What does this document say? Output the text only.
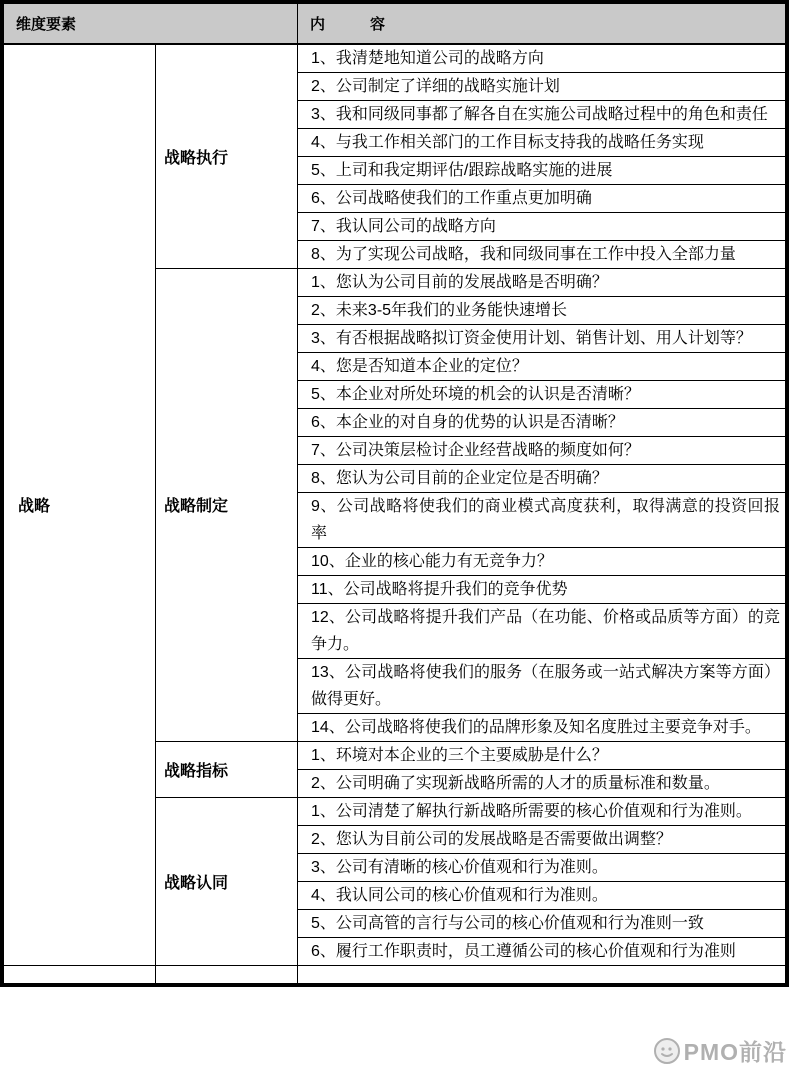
维度要素		内　　　容
战略	战略执行	1、我清楚地知道公司的战略方向
		2、公司制定了详细的战略实施计划
		3、我和同级同事都了解各自在实施公司战略过程中的角色和责任
		4、与我工作相关部门的工作目标支持我的战略任务实现
		5、上司和我定期评估/跟踪战略实施的进展
		6、公司战略使我们的工作重点更加明确
		7、我认同公司的战略方向
		8、为了实现公司战略，我和同级同事在工作中投入全部力量
	战略制定	1、您认为公司目前的发展战略是否明确？
		2、未来3-5年我们的业务能快速增长
		3、有否根据战略拟订资金使用计划、销售计划、用人计划等？
		4、您是否知道本企业的定位？
		5、本企业对所处环境的机会的认识是否清晰？
		6、本企业的对自身的优势的认识是否清晰？
		7、公司决策层检讨企业经营战略的频度如何？
		8、您认为公司目前的企业定位是否明确？
		9、公司战略将使我们的商业模式高度获利，取得满意的投资回报率
		10、企业的核心能力有无竞争力？
		11、公司战略将提升我们的竞争优势
		12、公司战略将提升我们产品（在功能、价格或品质等方面）的竞争力。
		13、公司战略将使我们的服务（在服务或一站式解决方案等方面）做得更好。
		14、公司战略将使我们的品牌形象及知名度胜过主要竞争对手。
	战略指标	1、环境对本企业的三个主要威胁是什么？
		2、公司明确了实现新战略所需的人才的质量标准和数量。
	战略认同	1、公司清楚了解执行新战略所需要的核心价值观和行为准则。
		2、您认为目前公司的发展战略是否需要做出调整？
		3、公司有清晰的核心价值观和行为准则。
		4、我认同公司的核心价值观和行为准则。
		5、公司高管的言行与公司的核心价值观和行为准则一致
		6、履行工作职责时，员工遵循公司的核心价值观和行为准则

PMO前沿
